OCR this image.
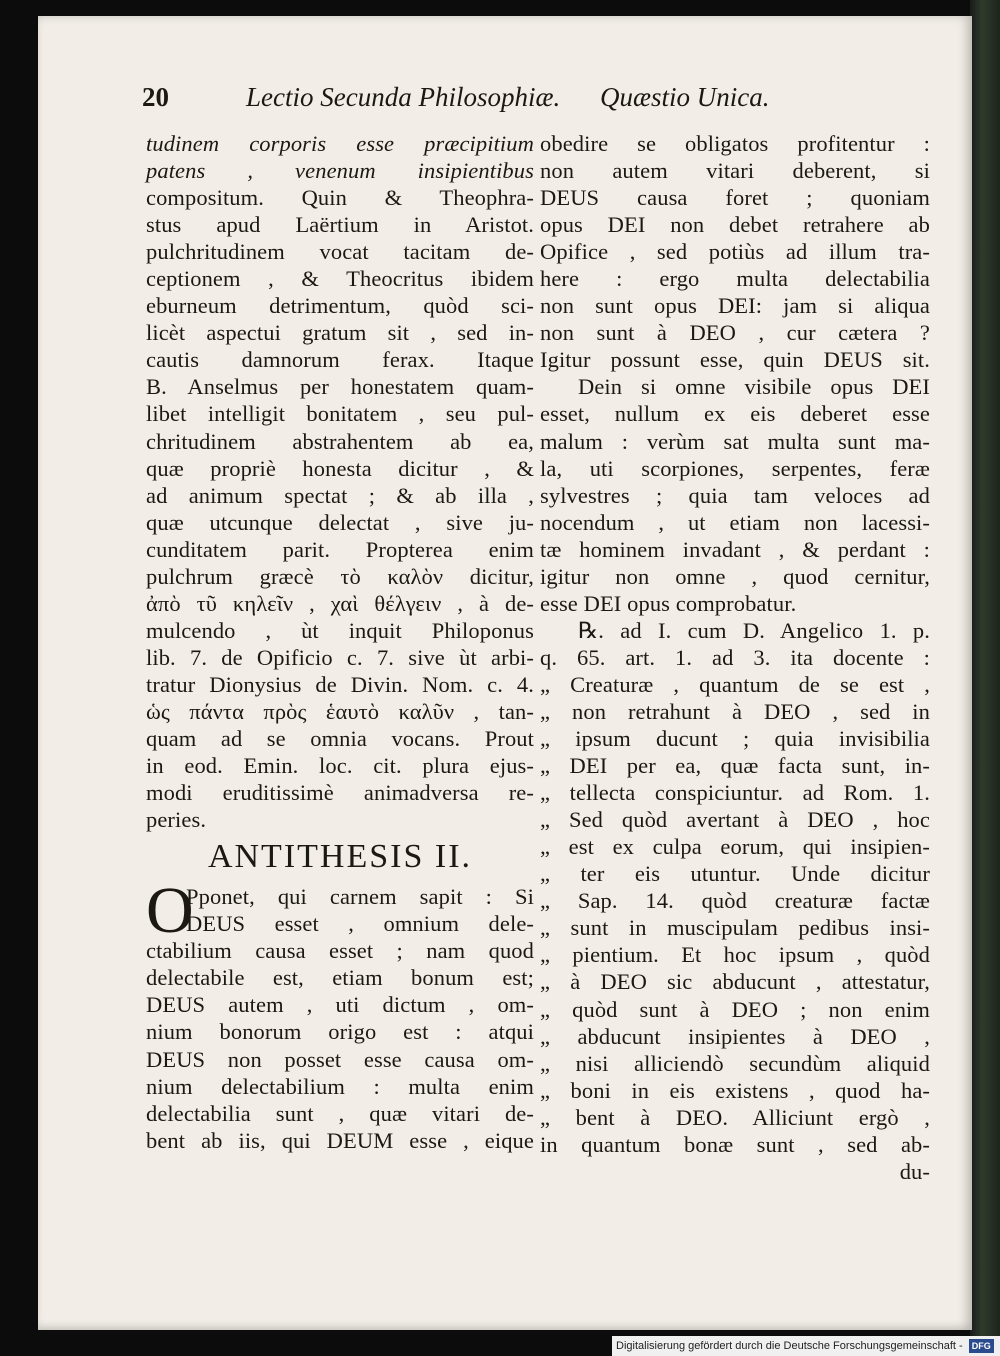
20	Lectio Secunda Philosophiæ. Quæstio Unica.
tudinem corporis esse præcipitium
patens , venenum insipientibus
compositum. Quin & Theophra-
stus apud Laërtium in Aristot.
pulchritudinem vocat tacitam de-
ceptionem , & Theocritus ibidem
eburneum detrimentum, quòd sci-
licèt aspectui gratum sit , sed in-
cautis damnorum ferax. Itaque
B. Anselmus per honestatem quam-
libet intelligit bonitatem , seu pul-
chritudinem abstrahentem ab ea,
quæ propriè honesta dicitur , &
ad animum spectat ; & ab illa ,
quæ utcunque delectat , sive ju-
cunditatem parit. Propterea enim
pulchrum græcè τὸ καλὸν dicitur,
ἀπὸ τῦ κηλεῖν , χαὶ θέλγειν , à de-
mulcendo , ùt inquit Philoponus
lib. 7. de Opificio c. 7. sive ùt arbi-
tratur Dionysius de Divin. Nom. c. 4.
ὡς πάντα πρὸς ἑαυτὸ καλῦν , tan-
quam ad se omnia vocans. Prout
in eod. Emin. loc. cit. plura ejus-
modi eruditissimè animadversa re-
peries.
ANTITHESIS II.
O
Pponet, qui carnem sapit : Si
DEUS esset , omnium dele-
ctabilium causa esset ; nam quod
delectabile est, etiam bonum est;
DEUS autem , uti dictum , om-
nium bonorum origo est : atqui
DEUS non posset esse causa om-
nium delectabilium : multa enim
delectabilia sunt , quæ vitari de-
bent ab iis, qui DEUM esse , eique
obedire se obligatos profitentur :
non autem vitari deberent, si
DEUS causa foret ; quoniam
opus DEI non debet retrahere ab
Opifice , sed potiùs ad illum tra-
here : ergo multa delectabilia
non sunt opus DEI: jam si aliqua
non sunt à DEO , cur cætera ?
Igitur possunt esse, quin DEUS sit.
Dein si omne visibile opus DEI
esset, nullum ex eis deberet esse
malum : verùm sat multa sunt ma-
la, uti scorpiones, serpentes, feræ
sylvestres ; quia tam veloces ad
nocendum , ut etiam non lacessi-
tæ hominem invadant , & perdant :
igitur non omne , quod cernitur,
esse DEI opus comprobatur.
℞. ad I. cum D. Angelico 1. p.
q. 65. art. 1. ad 3. ita docente :
„ Creaturæ , quantum de se est ,
„ non retrahunt à DEO , sed in
„ ipsum ducunt ; quia invisibilia
„ DEI per ea, quæ facta sunt, in-
„ tellecta conspiciuntur. ad Rom. 1.
„ Sed quòd avertant à DEO , hoc
„ est ex culpa eorum, qui insipien-
„ ter eis utuntur. Unde dicitur
„ Sap. 14. quòd creaturæ factæ
„ sunt in muscipulam pedibus insi-
„ pientium. Et hoc ipsum , quòd
„ à DEO sic abducunt , attestatur,
„ quòd sunt à DEO ; non enim
„ abducunt insipientes à DEO ,
„ nisi alliciendò secundùm aliquid
„ boni in eis existens , quod ha-
„ bent à DEO. Alliciunt ergò ,
in quantum bonæ sunt , sed ab-
du-
Digitalisierung gefördert durch die Deutsche Forschungsgemeinschaft - DFG
